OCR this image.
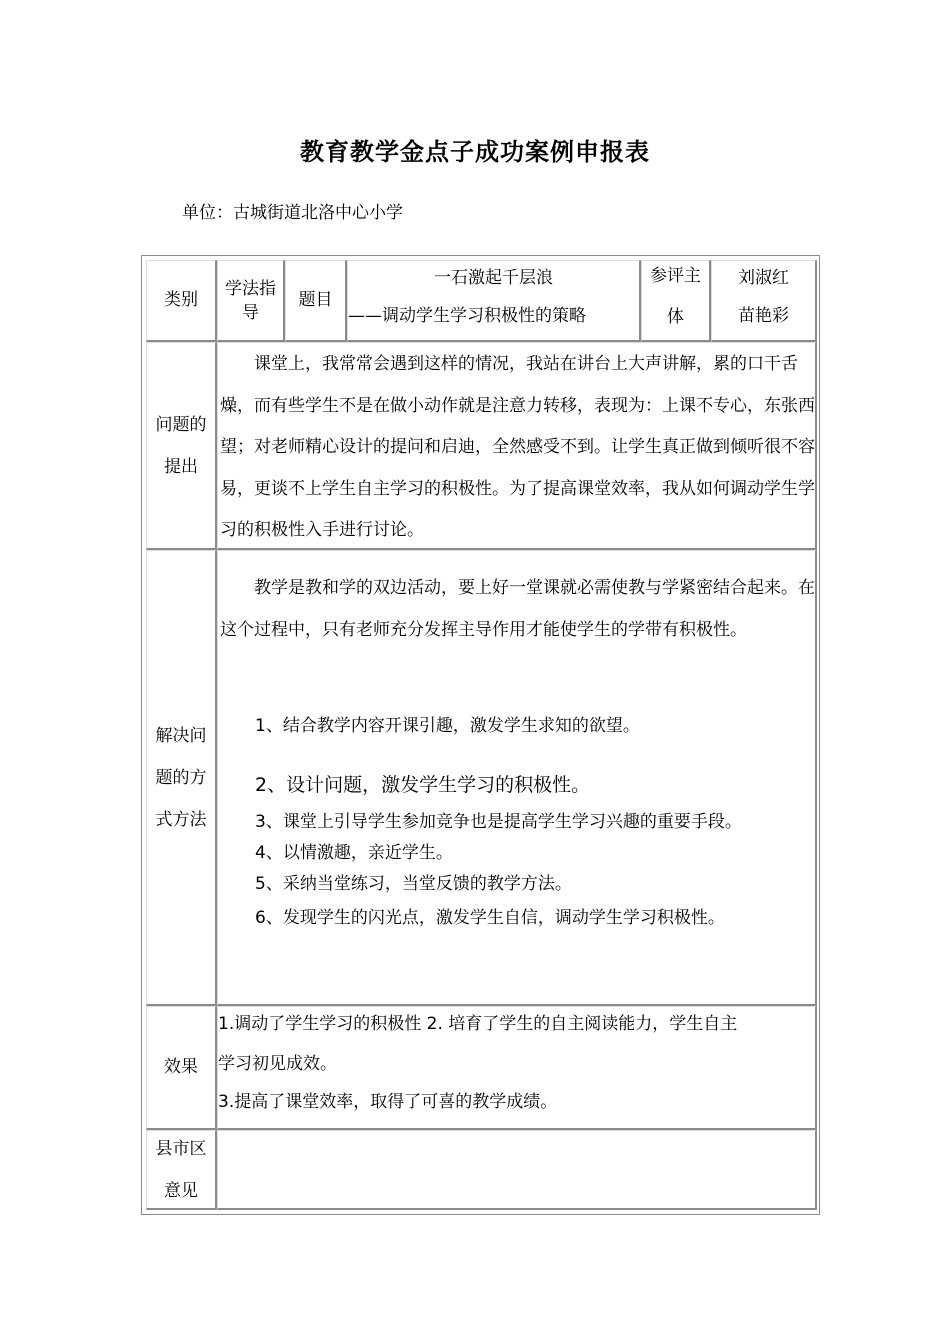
教育教学金点子成功案例申报表
单位：古城街道北洛中心小学
类别
学法指
导
题目
一石激起千层浪
——调动学生学习积极性的策略
参评主
体
刘淑红
苗艳彩
问题的
提出

课堂上，我常常会遇到这样的情况，我站在讲台上大声讲解，累的口干舌燥，而有些学生不是在做小动作就是注意力转移，表现为：上课不专心，东张西望；对老师精心设计的提问和启迪，全然感受不到。让学生真正做到倾听很不容易，更谈不上学生自主学习的积极性。为了提高课堂效率，我从如何调动学生学习的积极性入手进行讨论。

解决问
题的方
式方法

教学是教和学的双边活动，要上好一堂课就必需使教与学紧密结合起来。在这个过程中，只有老师充分发挥主导作用才能使学生的学带有积极性。

1、结合教学内容开课引趣，激发学生求知的欲望。
2、设计问题，激发学生学习的积极性。
3、课堂上引导学生参加竞争也是提高学生学习兴趣的重要手段。
4、以情激趣，亲近学生。
5、采纳当堂练习，当堂反馈的教学方法。
6、发现学生的闪光点，激发学生自信，调动学生学习积极性。
效果
1.调动了学生学习的积极性 2. 培育了学生的自主阅读能力，学生自主
学习初见成效。
3.提高了课堂效率，取得了可喜的教学成绩。
县市区
意见
